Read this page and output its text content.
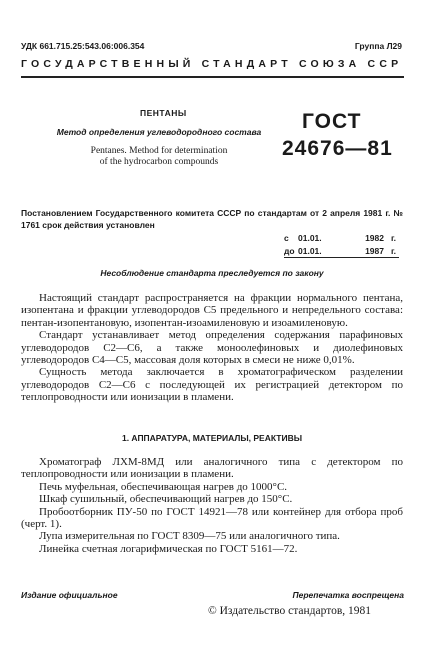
УДК 661.715.25:543.06:006.354	Группа Л29
ГОСУДАРСТВЕННЫЙ СТАНДАРТ СОЮЗА ССР
ПЕНТАНЫ
Метод определения углеводородного состава
Pentanes. Method for determination
of the hydrocarbon compounds
ГОСТ
24676—81
Постановлением Государственного комитета СССР по стандартам от 2 апреля 1981 г. № 1761 срок действия установлен
с	01.01.	1982 г.
до 01.01.	1987 г.
Несоблюдение стандарта преследуется по закону

Настоящий стандарт распространяется на фракции нормального пентана, изопентана и фракции углеводородов С5 предельного и непредельного состава: пентан-изопентановую, изопентан-изоамиленовую и изоамиленовую.

Стандарт устанавливает метод определения содержания парафиновых углеводородов С2—С6, а также моноолефиновых и диолефиновых углеводородов С4—С5, массовая доля которых в смеси не ниже 0,01%.

Сущность метода заключается в хроматографическом разделении углеводородов С2—С6 с последующей их регистрацией детектором по теплопроводности или ионизации в пламени.

1. АППАРАТУРА, МАТЕРИАЛЫ, РЕАКТИВЫ

Хроматограф ЛХМ-8МД или аналогичного типа с детектором по теплопроводности или ионизации в пламени.

Печь муфельная, обеспечивающая нагрев до 1000°С.

Шкаф сушильный, обеспечивающий нагрев до 150°С.

Пробоотборник ПУ-50 по ГОСТ 14921—78 или контейнер для отбора проб (черт. 1).

Лупа измерительная по ГОСТ 8309—75 или аналогичного типа.

Линейка счетная логарифмическая по ГОСТ 5161—72.

Издание официальное	Перепечатка воспрещена
© Издательство стандартов, 1981
